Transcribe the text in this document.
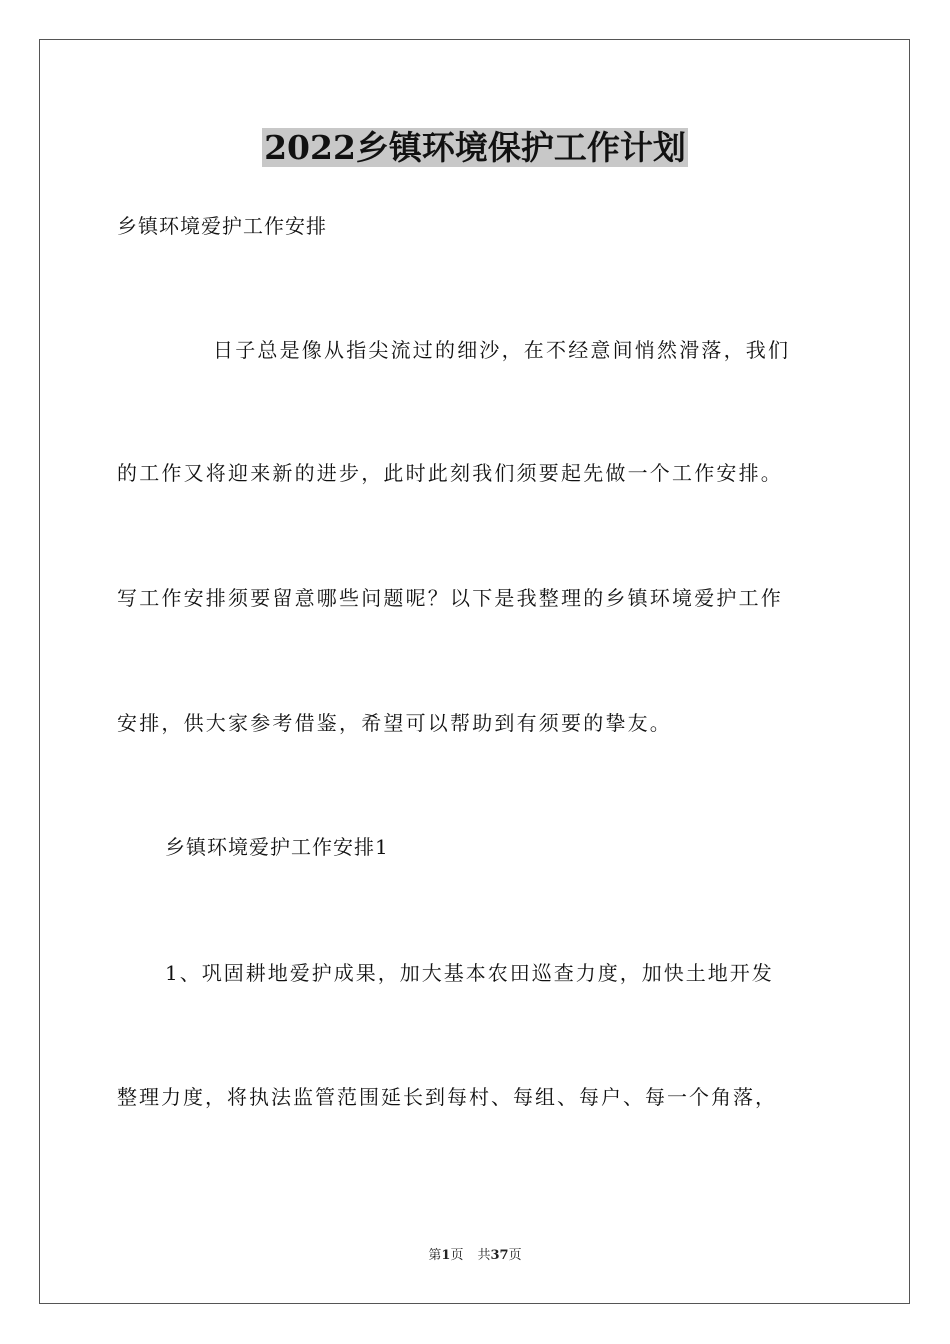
2022乡镇环境保护工作计划
乡镇环境爱护工作安排
日子总是像从指尖流过的细沙，在不经意间悄然滑落，我们
的工作又将迎来新的进步，此时此刻我们须要起先做一个工作安排。
写工作安排须要留意哪些问题呢？以下是我整理的乡镇环境爱护工作
安排，供大家参考借鉴，希望可以帮助到有须要的挚友。
乡镇环境爱护工作安排1
1、巩固耕地爱护成果，加大基本农田巡查力度，加快土地开发
整理力度，将执法监管范围延长到每村、每组、每户、每一个角落，
第1页 共37页
